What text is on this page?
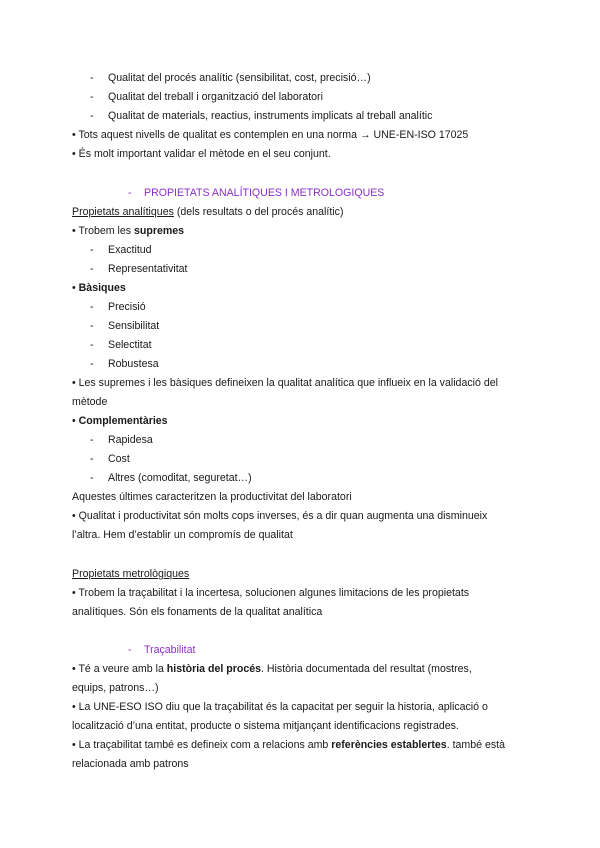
- Qualitat del procés analític (sensibilitat, cost, precisió…)
- Qualitat del treball i organització del laboratori
- Qualitat de materials, reactius, instruments implicats al treball analític
• Tots aquest nivells de qualitat es contemplen en una norma → UNE-EN-ISO 17025
• És molt important validar el mètode en el seu conjunt.
- PROPIETATS ANALÍTIQUES I METROLOGIQUES
Propietats analítiques (dels resultats o del procés analític)
• Trobem les supremes
- Exactitud
- Representativitat
• Bàsiques
- Precisió
- Sensibilitat
- Selectitat
- Robustesa
• Les supremes i les bàsiques defineixen la qualitat analítica que influeix en la validació del
mètode
• Complementàries
- Rapidesa
- Cost
- Altres (comoditat, seguretat…)
Aquestes últimes caracteritzen la productivitat del laboratori
• Qualitat i productivitat són molts cops inverses, és a dir quan augmenta una disminueix
l’altra. Hem d’establir un compromís de qualitat
Propietats metrològiques
• Trobem la traçabilitat i la incertesa, solucionen algunes limitacions de les propietats
analítiques. Són els fonaments de la qualitat analítica
- Traçabilitat
• Té a veure amb la història del procés. Història documentada del resultat (mostres,
equips, patrons…)
• La UNE-ESO ISO diu que la traçabilitat és la capacitat per seguir la historia, aplicació o
localització d’una entitat, producte o sistema mitjançant identificacions registrades.
• La traçabilitat també es defineix com a relacions amb referències establertes. també està
relacionada amb patrons
